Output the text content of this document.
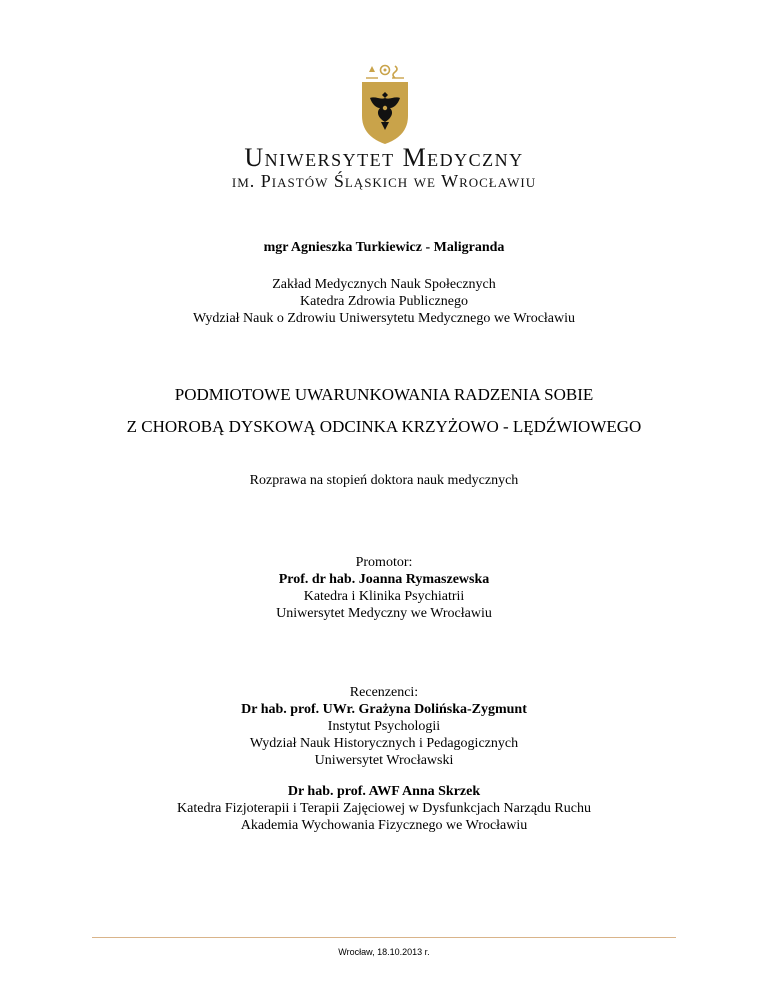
Uniwersytet Medyczny
im. Piastów Śląskich we Wrocławiu
mgr Agnieszka Turkiewicz - Maligranda
Zakład Medycznych Nauk Społecznych
Katedra Zdrowia Publicznego
Wydział Nauk o Zdrowiu Uniwersytetu Medycznego we Wrocławiu
PODMIOTOWE UWARUNKOWANIA RADZENIA SOBIE
Z CHOROBĄ DYSKOWĄ ODCINKA KRZYŻOWO - LĘDŹWIOWEGO
Rozprawa na stopień doktora nauk medycznych
Promotor:
Prof. dr hab. Joanna Rymaszewska
Katedra i Klinika Psychiatrii
Uniwersytet Medyczny we Wrocławiu
Recenzenci:
Dr hab. prof. UWr. Grażyna Dolińska-Zygmunt
Instytut Psychologii
Wydział Nauk Historycznych i Pedagogicznych
Uniwersytet Wrocławski
Dr hab. prof. AWF Anna Skrzek
Katedra Fizjoterapii i Terapii Zajęciowej w Dysfunkcjach Narządu Ruchu
Akademia Wychowania Fizycznego we Wrocławiu
Wrocław, 18.10.2013 r.
